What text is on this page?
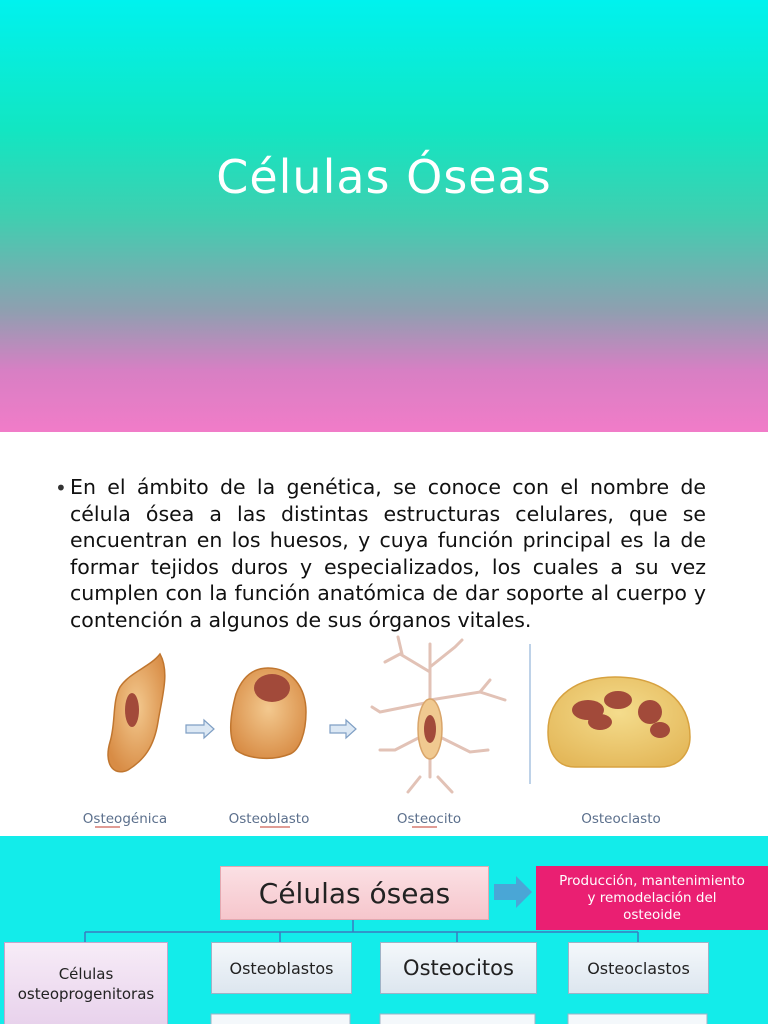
Células Óseas
• En el ámbito de la genética, se conoce con el nombre de célula ósea a las distintas estructuras celulares, que se encuentran en los huesos, y cuya función principal es la de formar tejidos duros y especializados, los cuales a su vez cumplen con la función anatómica de dar soporte al cuerpo y contención a algunos de sus órganos vitales.
Osteogénica	Osteoblasto	Osteocito	Osteoclasto
Células óseas	Producción, mantenimiento
y remodelación del
osteoide
Células
osteoprogenitoras
Osteoblastos	Osteocitos	Osteoclastos
